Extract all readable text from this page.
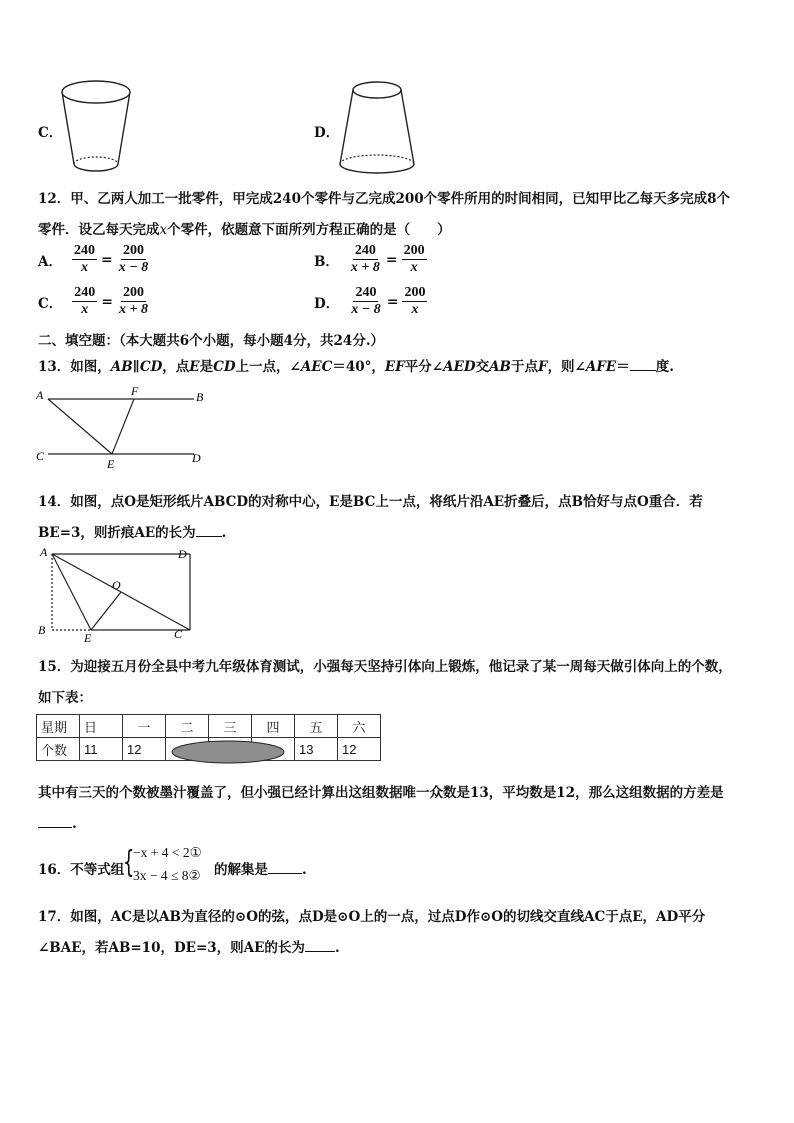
C．	D．
12．甲、乙两人加工一批零件，甲完成240个零件与乙完成200个零件所用的时间相同，已知甲比乙每天多完成8个
零件．设乙每天完成x个零件，依题意下面所列方程正确的是（　　）
A． $\frac{240}{x} = \frac{200}{x - 8}$	B． $\frac{240}{x + 8} = \frac{200}{x}$
C． $\frac{240}{x} = \frac{200}{x + 8}$	D． $\frac{240}{x - 8} = \frac{200}{x}$
二、填空题：（本大题共6个小题，每小题4分，共24分.）
13．如图，AB∥CD，点E是CD上一点，∠AEC＝40°，EF平分∠AED交AB于点F，则∠AFE＝ 度.
A	F	B
C
E	D
14．如图，点O是矩形纸片ABCD的对称中心，E是BC上一点，将纸片沿AE折叠后，点B恰好与点O重合．若
BE=3，则折痕AE的长为 .
A	D
O
B
E	C
15．为迎接五月份全县中考九年级体育测试，小强每天坚持引体向上锻炼，他记录了某一周每天做引体向上的个数，
如下表：
星期	日	一	二	三	四	五	六
个数	11	12				13	12
其中有三天的个数被墨汁覆盖了，但小强已经计算出这组数据唯一众数是13，平均数是12，那么这组数据的方差是
.
16．不等式组
{
−x + 4 < 2①
3x − 4 ≤ 8② 的解集是	.
17．如图，AC是以AB为直径的⊙O的弦，点D是⊙O上的一点，过点D作⊙O的切线交直线AC于点E，AD平分
∠BAE，若AB=10，DE=3，则AE的长为 .
